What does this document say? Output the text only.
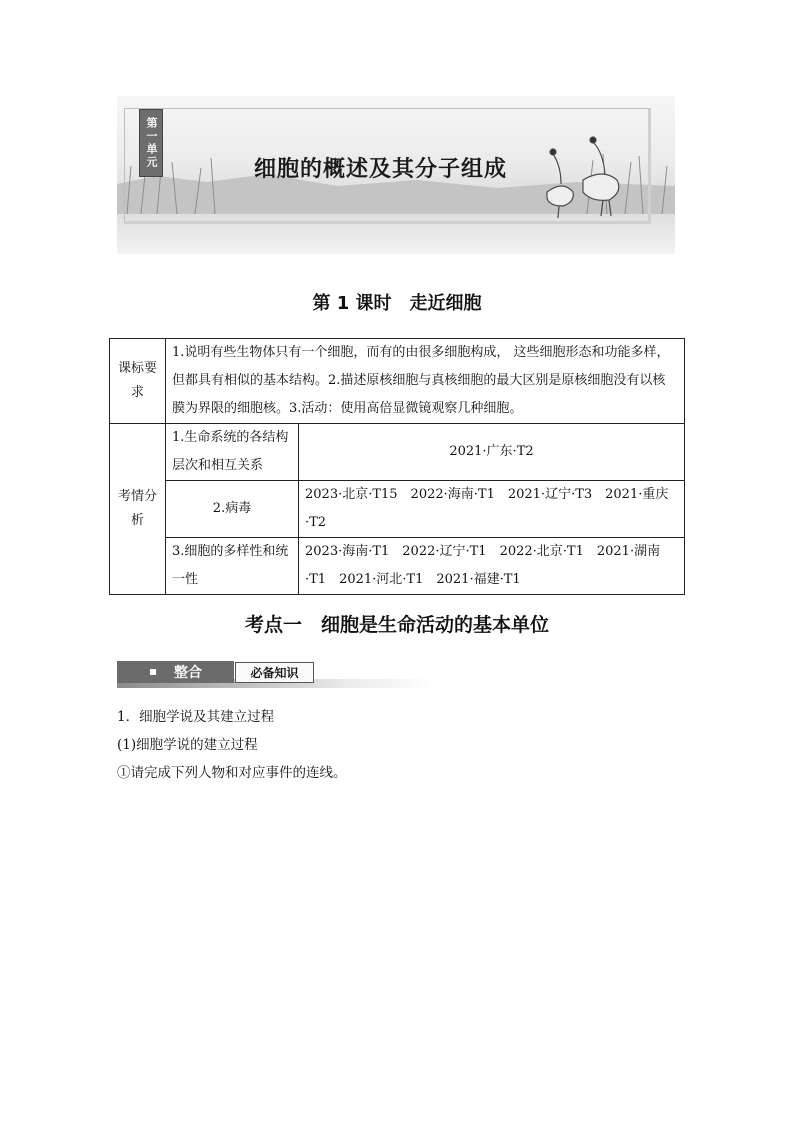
第一单元
细胞的概述及其分子组成
第 1 课时　走近细胞
课标要求	1.说明有些生物体只有一个细胞，而有的由很多细胞构成， 这些细胞形态和功能多样，但都具有相似的基本结构。2.描述原核细胞与真核细胞的最大区别是原核细胞没有以核膜为界限的细胞核。3.活动：使用高倍显微镜观察几种细胞。	
考情分析	1.生命系统的各结构层次和相互关系	2021·广东·T2
	2.病毒	2023·北京·T15　2022·海南·T1　2021·辽宁·T3　2021·重庆·T2
	3.细胞的多样性和统一性	2023·海南·T1　2022·辽宁·T1　2022·北京·T1　2021·湖南·T1　2021·河北·T1　2021·福建·T1
考点一　细胞是生命活动的基本单位
整合	必备知识
1．细胞学说及其建立过程
(1)细胞学说的建立过程
①请完成下列人物和对应事件的连线。
